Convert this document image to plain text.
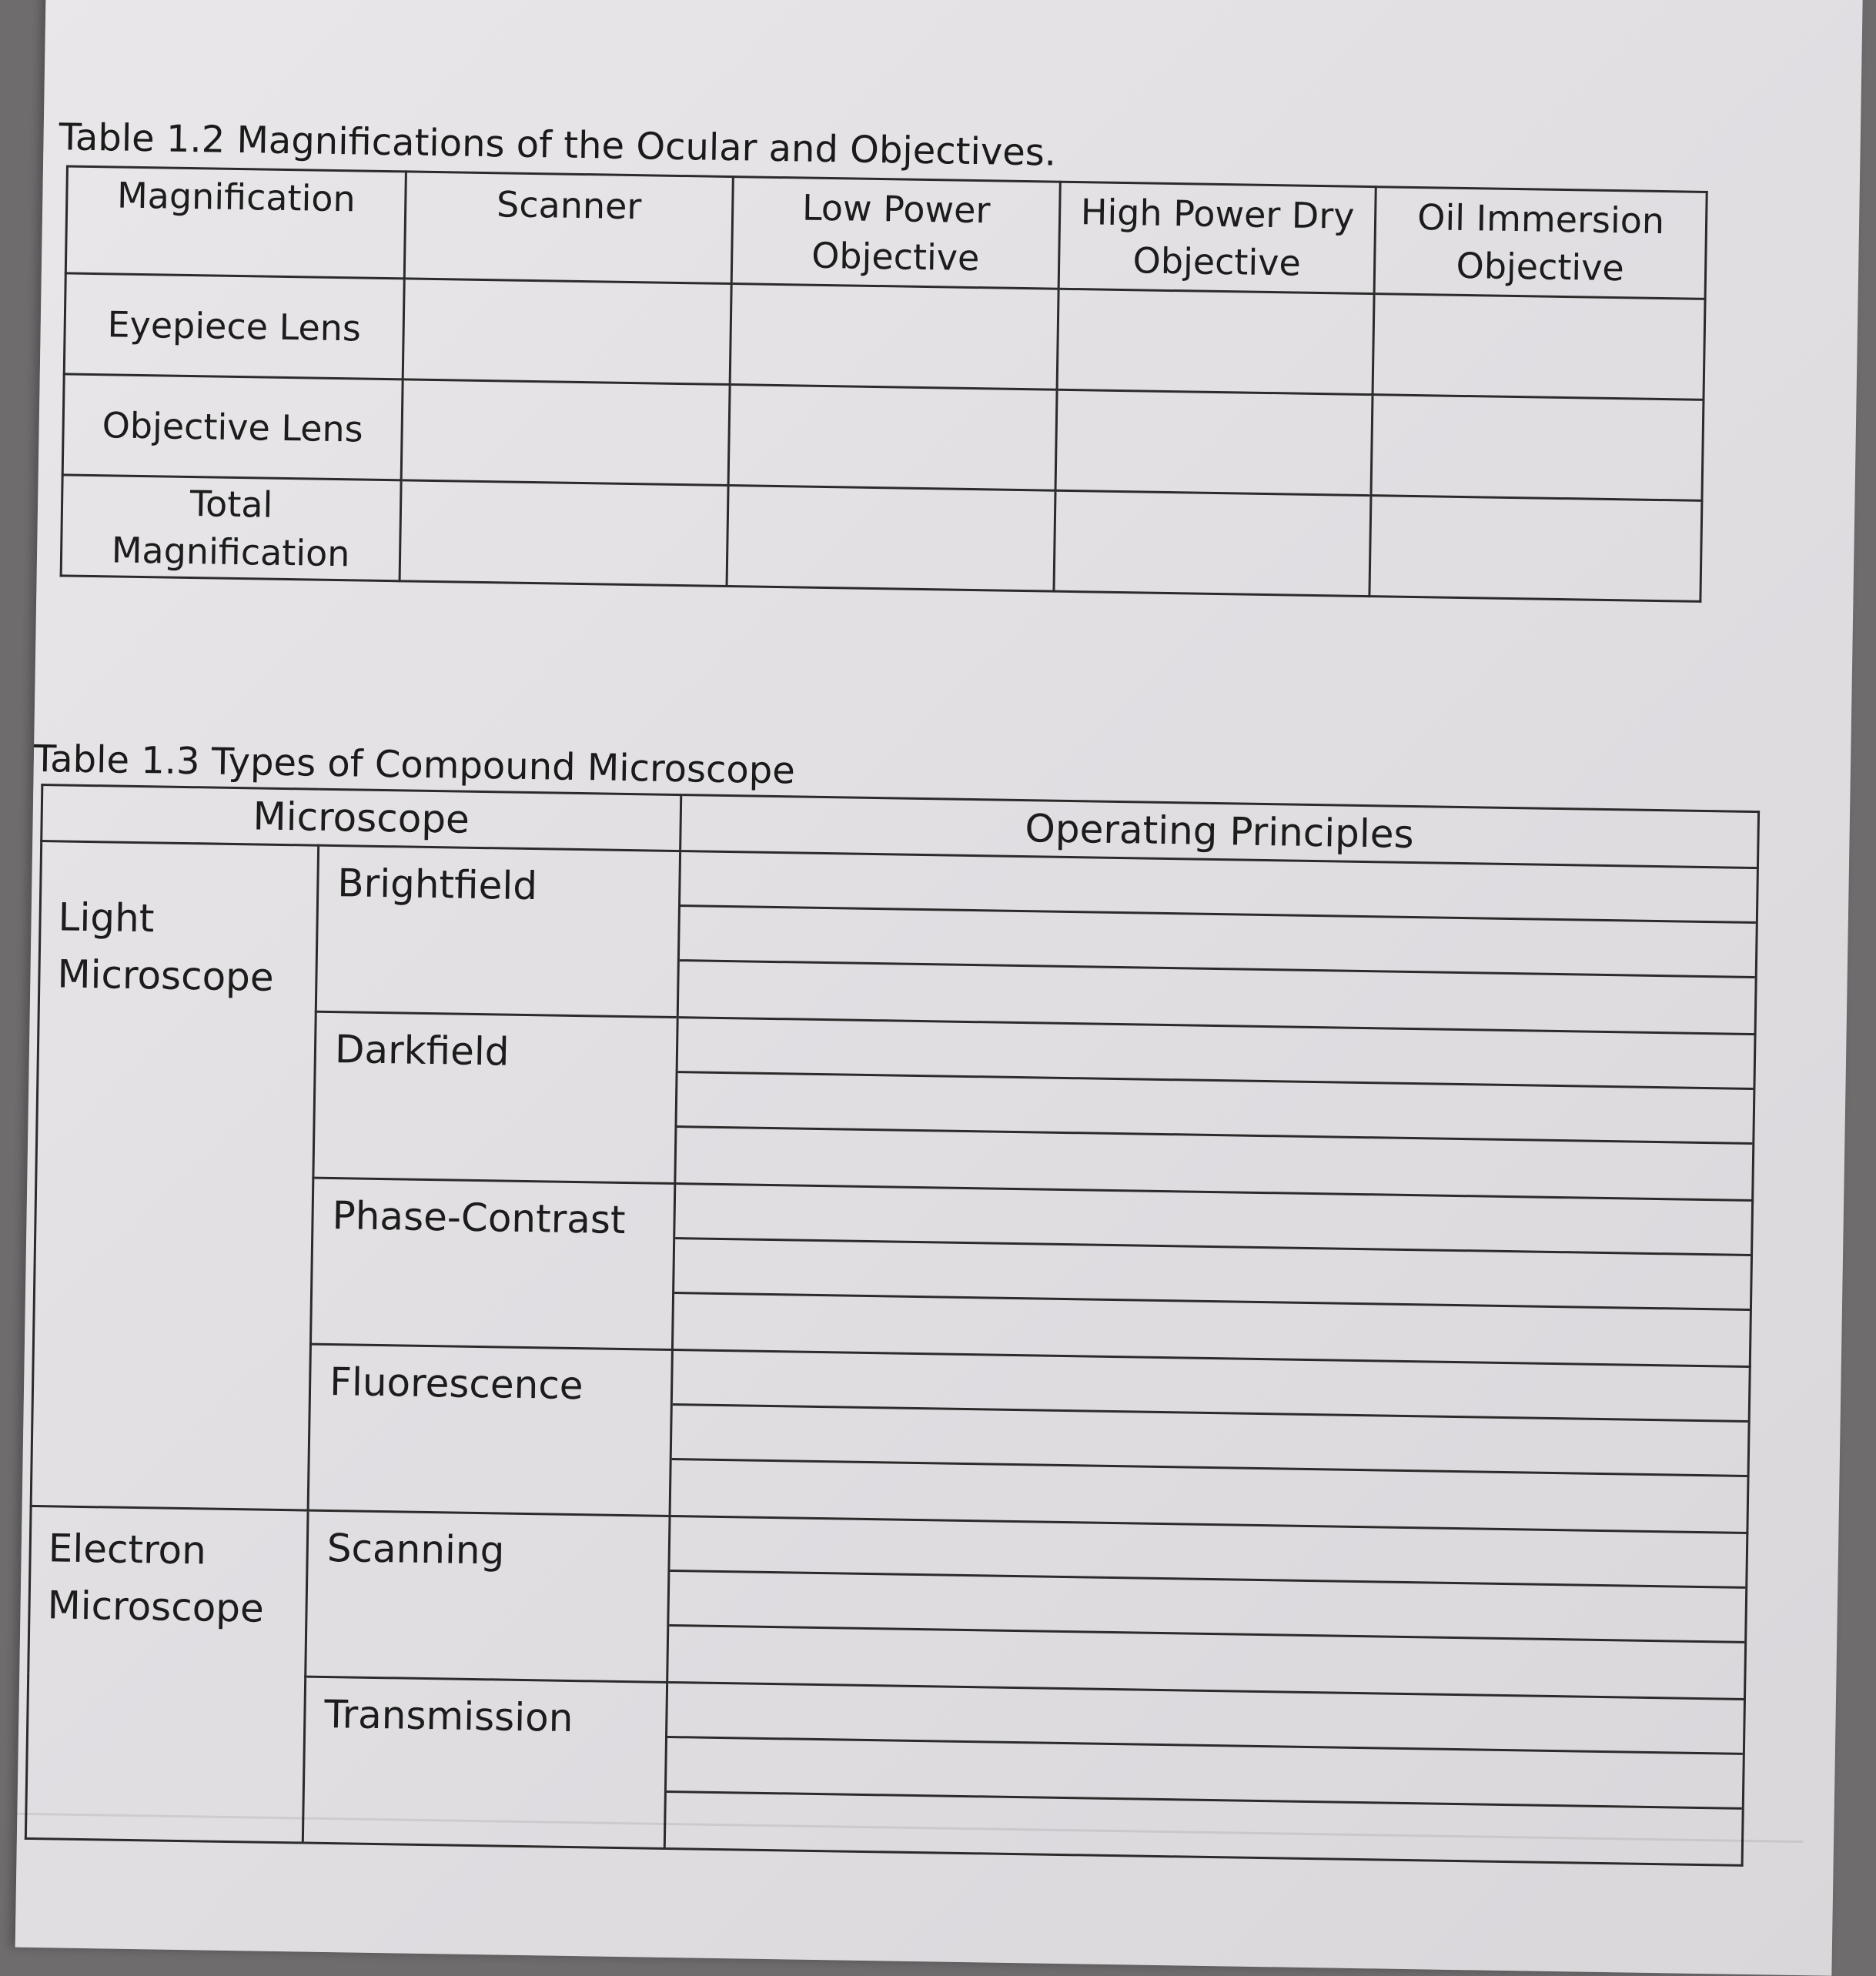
Table 1.2 Magnifications of the Ocular and Objectives.

Magnification	Scanner	Low Power Objective	High Power Dry Objective	Oil Immersion Objective
Eyepiece Lens				
Objective Lens				
Total Magnification				

Table 1.3 Types of Compound Microscope

Microscope		Operating Principles
Light Microscope	Brightfield	

	Darkfield	

	Phase-Contrast	

	Fluorescence	

Electron Microscope	Scanning	

	Transmission	
